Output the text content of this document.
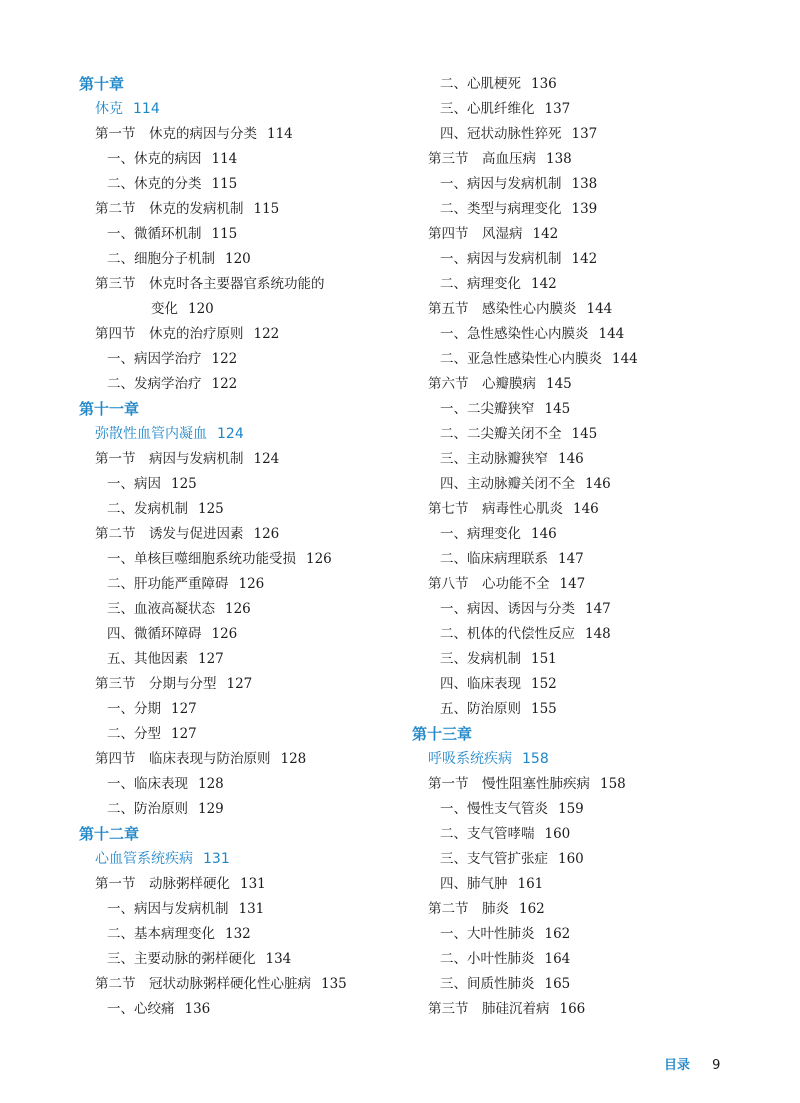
第十章
休克 114
第一节　休克的病因与分类 114
一、休克的病因 114
二、休克的分类 115
第二节　休克的发病机制 115
一、微循环机制 115
二、细胞分子机制 120
第三节　休克时各主要器官系统功能的
变化 120
第四节　休克的治疗原则 122
一、病因学治疗 122
二、发病学治疗 122
第十一章
弥散性血管内凝血 124
第一节　病因与发病机制 124
一、病因 125
二、发病机制 125
第二节　诱发与促进因素 126
一、单核巨噬细胞系统功能受损 126
二、肝功能严重障碍 126
三、血液高凝状态 126
四、微循环障碍 126
五、其他因素 127
第三节　分期与分型 127
一、分期 127
二、分型 127
第四节　临床表现与防治原则 128
一、临床表现 128
二、防治原则 129
第十二章
心血管系统疾病 131
第一节　动脉粥样硬化 131
一、病因与发病机制 131
二、基本病理变化 132
三、主要动脉的粥样硬化 134
第二节　冠状动脉粥样硬化性心脏病 135
一、心绞痛 136
二、心肌梗死 136
三、心肌纤维化 137
四、冠状动脉性猝死 137
第三节　高血压病 138
一、病因与发病机制 138
二、类型与病理变化 139
第四节　风湿病 142
一、病因与发病机制 142
二、病理变化 142
第五节　感染性心内膜炎 144
一、急性感染性心内膜炎 144
二、亚急性感染性心内膜炎 144
第六节　心瓣膜病 145
一、二尖瓣狭窄 145
二、二尖瓣关闭不全 145
三、主动脉瓣狭窄 146
四、主动脉瓣关闭不全 146
第七节　病毒性心肌炎 146
一、病理变化 146
二、临床病理联系 147
第八节　心功能不全 147
一、病因、诱因与分类 147
二、机体的代偿性反应 148
三、发病机制 151
四、临床表现 152
五、防治原则 155
第十三章
呼吸系统疾病 158
第一节　慢性阻塞性肺疾病 158
一、慢性支气管炎 159
二、支气管哮喘 160
三、支气管扩张症 160
四、肺气肿 161
第二节　肺炎 162
一、大叶性肺炎 162
二、小叶性肺炎 164
三、间质性肺炎 165
第三节　肺硅沉着病 166
目录 9
